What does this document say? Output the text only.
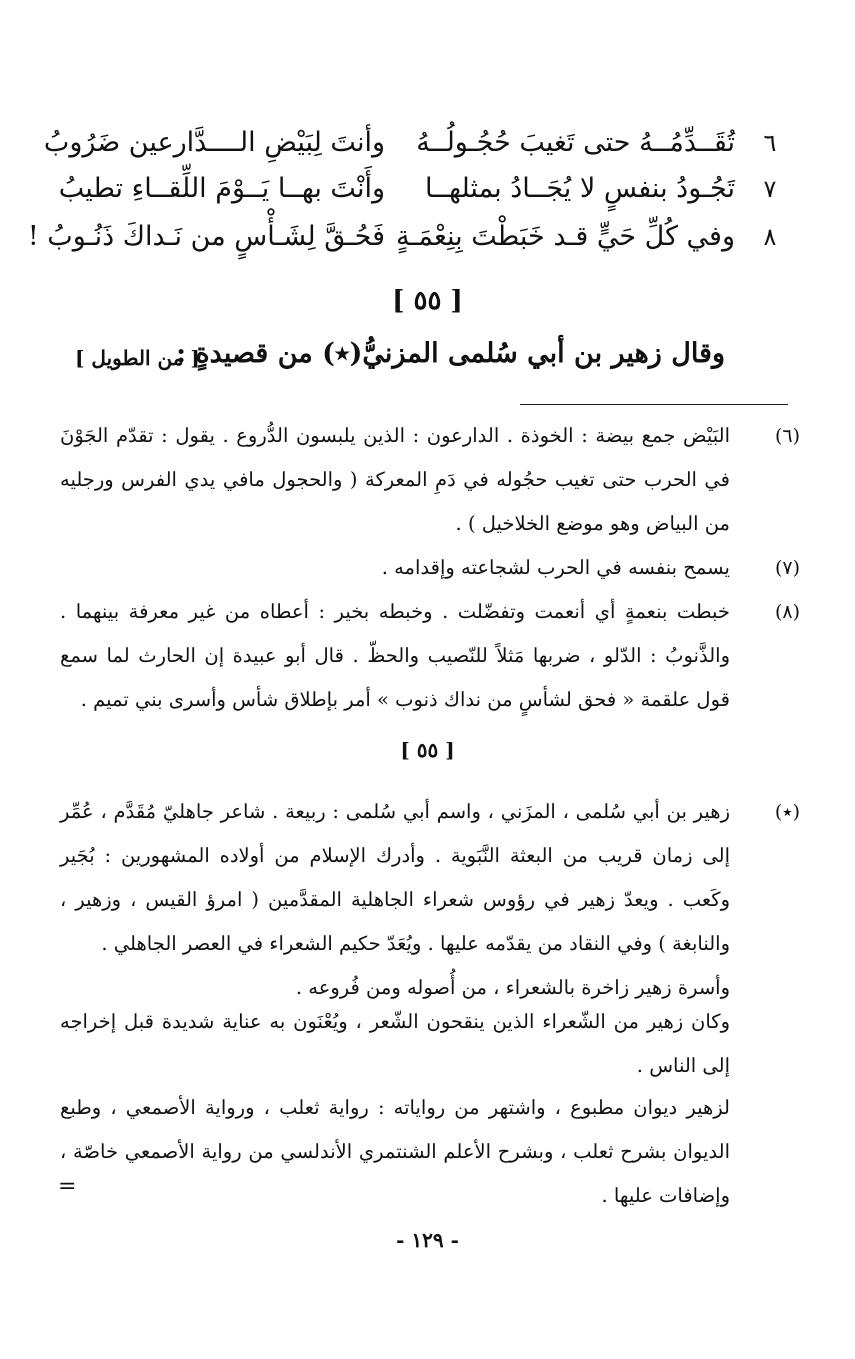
٦
تُقَــدِّمُــهُ حتى تَغيبَ حُجُـولُــهُ
وأنتَ لِبَيْضِ الــــدَّارعين ضَرُوبُ
٧
تَجُـودُ بنفسٍ لا يُجَــادُ بمثلهــا
وأَنْتَ بهــا يَــوْمَ اللِّقــاءِ تطيبُ
٨
وفي كُلِّ حَيٍّ قـد خَبَطْتَ بِنِعْمَـةٍ
فَحُـقَّ لِشَـأْسٍ من نَـداكَ ذَنُـوبُ !
[ ٥٥ ]
وقال زهير بن أبي سُلمى المزنيُّ(٭) من قصيدةٍ :
[ من الطويل ]
(٦)
البَيْض جمع بيضة : الخوذة . الدارعون : الذين يلبسون الدُّروع . يقول : تقدّم الجَوْنَ في الحرب حتى تغيب حجُوله في دَمِ المعركة ( والحجول مافي يدي الفرس ورجليه من البياض وهو موضع الخلاخيل ) .
(٧)
يسمح بنفسه في الحرب لشجاعته وإقدامه .
(٨)
خبطت بنعمةٍ أي أنعمت وتفضّلت . وخبطه بخير : أعطاه من غير معرفة بينهما . والذَّنوبُ : الدّلو ، ضربها مَثلاً للنّصيب والحظّ . قال أبو عبيدة إن الحارث لما سمع قول علقمة « فحق لشأسٍ من نداك ذنوب » أمر بإطلاق شأس وأسرى بني تميم .
[ ٥٥ ]
(٭)
زهير بن أبي سُلمى ، المزَني ، واسم أبي سُلمى : ربيعة . شاعر جاهليّ مُقَدَّم ، عُمِّر إلى زمان قريب من البعثة النَّبَوية . وأدرك الإسلام من أولاده المشهورين : بُجَير وكَعب . ويعدّ زهير في رؤوس شعراء الجاهلية المقدَّمين ( امرؤ القيس ، وزهير ، والنابغة ) وفي النقاد من يقدّمه عليها . ويُعَدّ حكيم الشعراء في العصر الجاهلي .
وأسرة زهير زاخرة بالشعراء ، من أُصوله ومن فُروعه .
وكان زهير من الشّعراء الذين ينقحون الشّعر ، ويُعْنَون به عناية شديدة قبل إخراجه إلى الناس .
لزهير ديوان مطبوع ، واشتهر من رواياته : رواية ثعلب ، ورواية الأصمعي ، وطبع الديوان بشرح ثعلب ، وبشرح الأعلم الشنتمري الأندلسي من رواية الأصمعي خاصّة ، وإضافات عليها .
=
- ١٢٩ -
